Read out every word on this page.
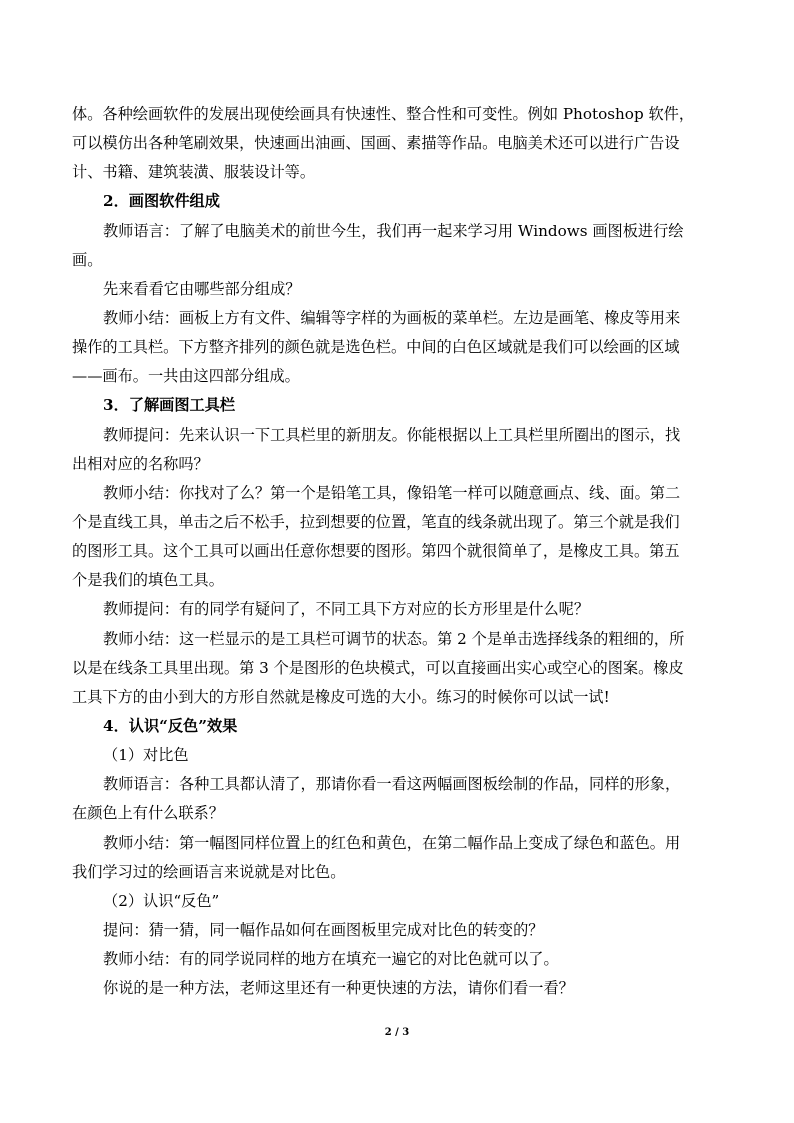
体。各种绘画软件的发展出现使绘画具有快速性、整合性和可变性。例如 Photoshop 软件，
可以模仿出各种笔刷效果，快速画出油画、国画、素描等作品。电脑美术还可以进行广告设
计、书籍、建筑装潢、服装设计等。
2．画图软件组成
教师语言：了解了电脑美术的前世今生，我们再一起来学习用 Windows 画图板进行绘
画。
先来看看它由哪些部分组成？
教师小结：画板上方有文件、编辑等字样的为画板的菜单栏。左边是画笔、橡皮等用来
操作的工具栏。下方整齐排列的颜色就是选色栏。中间的白色区域就是我们可以绘画的区域
——画布。一共由这四部分组成。
3．了解画图工具栏
教师提问：先来认识一下工具栏里的新朋友。你能根据以上工具栏里所圈出的图示，找
出相对应的名称吗？
教师小结：你找对了么？第一个是铅笔工具，像铅笔一样可以随意画点、线、面。第二
个是直线工具，单击之后不松手，拉到想要的位置，笔直的线条就出现了。第三个就是我们
的图形工具。这个工具可以画出任意你想要的图形。第四个就很简单了，是橡皮工具。第五
个是我们的填色工具。
教师提问：有的同学有疑问了，不同工具下方对应的长方形里是什么呢？
教师小结：这一栏显示的是工具栏可调节的状态。第 2 个是单击选择线条的粗细的，所
以是在线条工具里出现。第 3 个是图形的色块模式，可以直接画出实心或空心的图案。橡皮
工具下方的由小到大的方形自然就是橡皮可选的大小。练习的时候你可以试一试!
4．认识“反色”效果
（1）对比色
教师语言：各种工具都认清了，那请你看一看这两幅画图板绘制的作品，同样的形象，
在颜色上有什么联系？
教师小结：第一幅图同样位置上的红色和黄色，在第二幅作品上变成了绿色和蓝色。用
我们学习过的绘画语言来说就是对比色。
（2）认识“反色”
提问：猜一猜，同一幅作品如何在画图板里完成对比色的转变的？
教师小结：有的同学说同样的地方在填充一遍它的对比色就可以了。
你说的是一种方法，老师这里还有一种更快速的方法，请你们看一看？
2 / 3
